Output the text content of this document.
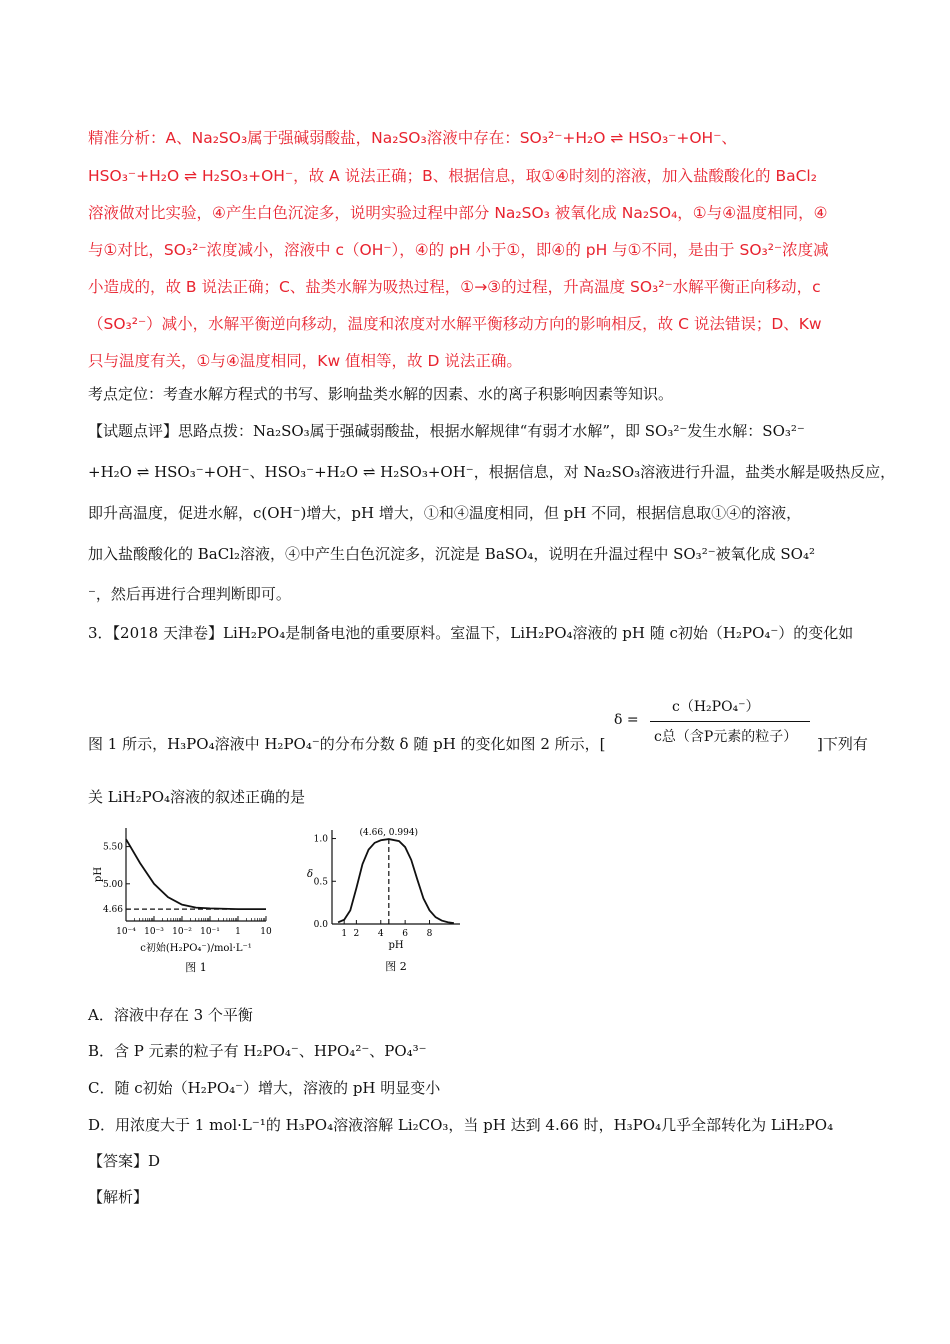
精准分析：A、Na₂SO₃属于强碱弱酸盐，Na₂SO₃溶液中存在：SO₃²⁻+H₂O ⇌ HSO₃⁻+OH⁻、
HSO₃⁻+H₂O ⇌ H₂SO₃+OH⁻，故 A 说法正确；B、根据信息，取①④时刻的溶液，加入盐酸酸化的 BaCl₂
溶液做对比实验，④产生白色沉淀多，说明实验过程中部分 Na₂SO₃ 被氧化成 Na₂SO₄，①与④温度相同，④
与①对比，SO₃²⁻浓度减小，溶液中 c（OH⁻），④的 pH 小于①，即④的 pH 与①不同，是由于 SO₃²⁻浓度减
小造成的，故 B 说法正确；C、盐类水解为吸热过程，①→③的过程，升高温度 SO₃²⁻水解平衡正向移动，c
（SO₃²⁻）减小，水解平衡逆向移动，温度和浓度对水解平衡移动方向的影响相反，故 C 说法错误；D、Kw
只与温度有关，①与④温度相同，Kw 值相等，故 D 说法正确。
考点定位：考查水解方程式的书写、影响盐类水解的因素、水的离子积影响因素等知识。
【试题点评】思路点拨：Na₂SO₃属于强碱弱酸盐，根据水解规律“有弱才水解”，即 SO₃²⁻发生水解：SO₃²⁻
+H₂O ⇌ HSO₃⁻+OH⁻、HSO₃⁻+H₂O ⇌ H₂SO₃+OH⁻，根据信息，对 Na₂SO₃溶液进行升温，盐类水解是吸热反应，
即升高温度，促进水解，c(OH⁻)增大，pH 增大，①和④温度相同，但 pH 不同，根据信息取①④的溶液，
加入盐酸酸化的 BaCl₂溶液，④中产生白色沉淀多，沉淀是 BaSO₄，说明在升温过程中 SO₃²⁻被氧化成 SO₄²
⁻，然后再进行合理判断即可。
3．【2018 天津卷】LiH₂PO₄是制备电池的重要原料。室温下，LiH₂PO₄溶液的 pH 随 c初始（H₂PO₄⁻）的变化如
δ =
c（H₂PO₄⁻）
c总（含P元素的粒子）
图 1 所示，H₃PO₄溶液中 H₂PO₄⁻的分布分数 δ 随 pH 的变化如图 2 所示，[	]下列有
关 LiH₂PO₄溶液的叙述正确的是
10⁻⁴ 10⁻³ 10⁻² 10⁻¹ 1 10
5.50
5.00
4.66
pH
c初始(H₂PO₄⁻)/mol·L⁻¹
图 1
1 2 4 6 8
0.0
0.5
1.0
(4.66, 0.994)
δ
pH
图 2
A．溶液中存在 3 个平衡
B．含 P 元素的粒子有 H₂PO₄⁻、HPO₄²⁻、PO₄³⁻
C．随 c初始（H₂PO₄⁻）增大，溶液的 pH 明显变小
D．用浓度大于 1 mol·L⁻¹的 H₃PO₄溶液溶解 Li₂CO₃，当 pH 达到 4.66 时，H₃PO₄几乎全部转化为 LiH₂PO₄
【答案】D
【解析】
